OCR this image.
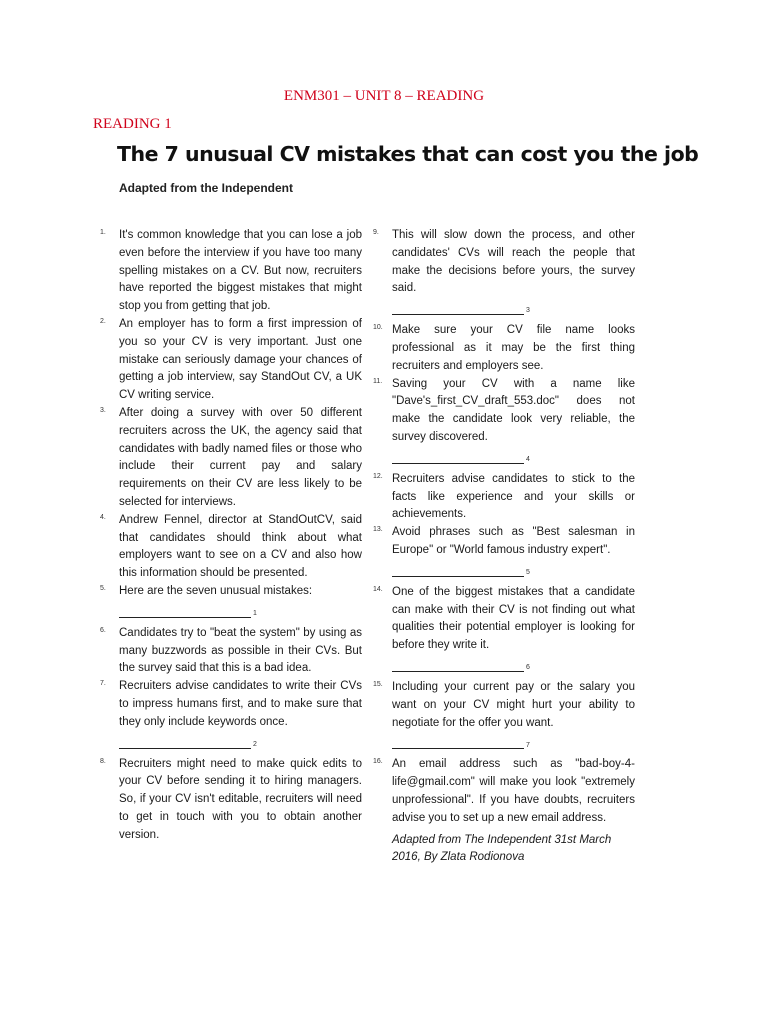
ENM301 – UNIT 8 – READING
READING 1
The 7 unusual CV mistakes that can cost you the job
Adapted from the Independent
1. It's common knowledge that you can lose a job even before the interview if you have too many spelling mistakes on a CV. But now, recruiters have reported the biggest mistakes that might stop you from getting that job.
2. An employer has to form a first impression of you so your CV is very important. Just one mistake can seriously damage your chances of getting a job interview, say StandOut CV, a UK CV writing service.
3. After doing a survey with over 50 different recruiters across the UK, the agency said that candidates with badly named files or those who include their current pay and salary requirements on their CV are less likely to be selected for interviews.
4. Andrew Fennel, director at StandOutCV, said that candidates should think about what employers want to see on a CV and also how this information should be presented.
5. Here are the seven unusual mistakes:
1
6. Candidates try to "beat the system" by using as many buzzwords as possible in their CVs. But the survey said that this is a bad idea.
7. Recruiters advise candidates to write their CVs to impress humans first, and to make sure that they only include keywords once.
2
8. Recruiters might need to make quick edits to your CV before sending it to hiring managers. So, if your CV isn't editable, recruiters will need to get in touch with you to obtain another version.
9. This will slow down the process, and other candidates' CVs will reach the people that make the decisions before yours, the survey said.
3
10. Make sure your CV file name looks professional as it may be the first thing recruiters and employers see.
11. Saving your CV with a name like "Dave's_first_CV_draft_553.doc" does not make the candidate look very reliable, the survey discovered.
4
12. Recruiters advise candidates to stick to the facts like experience and your skills or achievements.
13. Avoid phrases such as "Best salesman in Europe" or "World famous industry expert".
5
14. One of the biggest mistakes that a candidate can make with their CV is not finding out what qualities their potential employer is looking for before they write it.
6
15. Including your current pay or the salary you want on your CV might hurt your ability to negotiate for the offer you want.
7
16. An email address such as "bad-boy-4-life@gmail.com" will make you look "extremely unprofessional". If you have doubts, recruiters advise you to set up a new email address.
Adapted from The Independent 31st March 2016, By Zlata Rodionova
